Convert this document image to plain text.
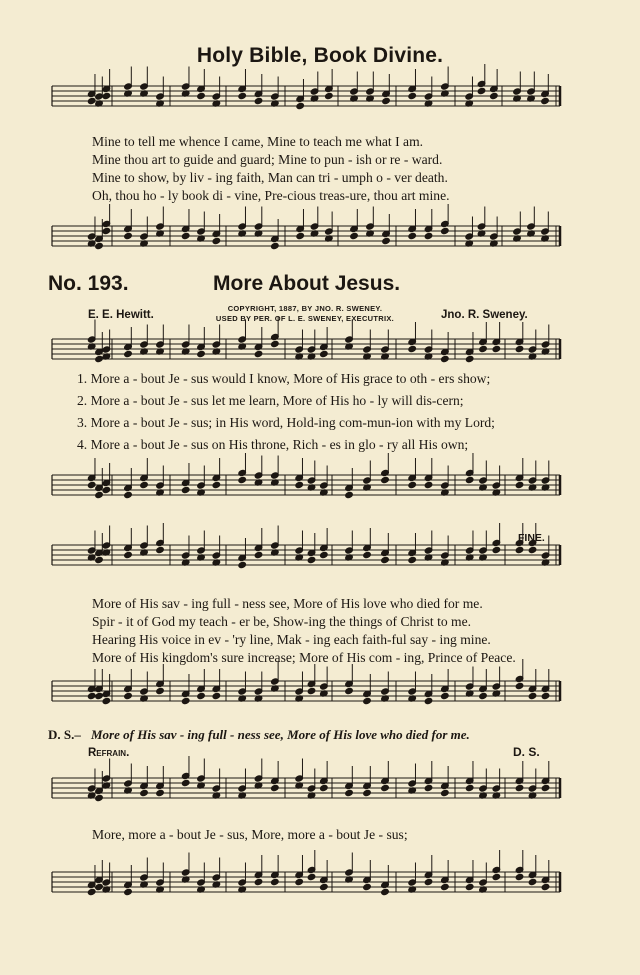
Holy Bible, Book Divine.
Mine to tell me whence I came, Mine to teach me what I am.
Mine thou art to guide and guard; Mine to pun - ish or re - ward.
Mine to show, by liv - ing faith, Man can tri - umph o - ver death.
Oh, thou ho - ly book di - vine, Pre-cious treas-ure, thou art mine.
No. 193.	More About Jesus.
COPYRIGHT, 1887, BY JNO. R. SWENEY.
USED BY PER. OF L. E. SWENEY, EXECUTRIX.
E. E. Hewitt.	Jno. R. Sweney.
1. More a - bout Je - sus would I know, More of His grace to oth - ers show;
2. More a - bout Je - sus let me learn, More of His ho - ly will dis-cern;
3. More a - bout Je - sus; in His word, Hold-ing com-mun-ion with my Lord;
4. More a - bout Je - sus on His throne, Rich - es in glo - ry all His own;
FINE.
More of His sav - ing full - ness see, More of His love who died for me.
Spir - it of God my teach - er be, Show-ing the things of Christ to me.
Hearing His voice in ev - 'ry line, Mak - ing each faith-ful say - ing mine.
More of His kingdom's sure increase; More of His com - ing, Prince of Peace.
D. S.– More of His sav - ing full - ness see, More of His love who died for me.
Refrain.	D. S.
More, more a - bout Je - sus, More, more a - bout Je - sus;
